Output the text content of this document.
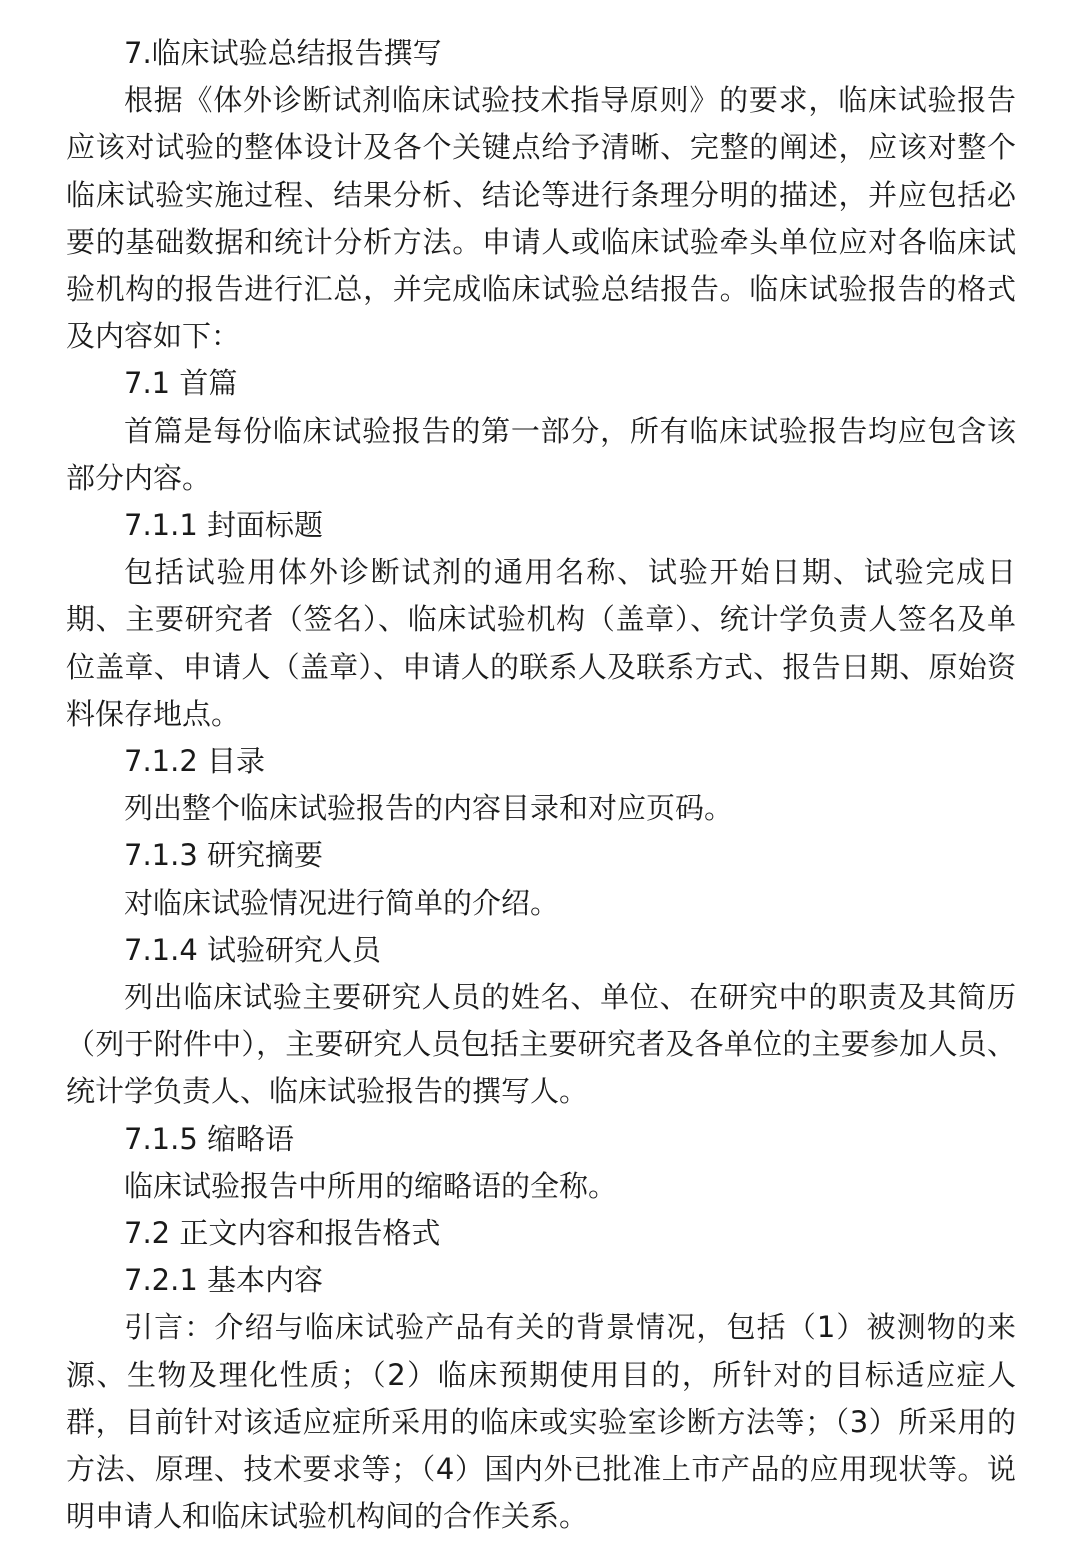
7.临床试验总结报告撰写

根据《体外诊断试剂临床试验技术指导原则》的要求，临床试验报告应该对试验的整体设计及各个关键点给予清晰、完整的阐述，应该对整个临床试验实施过程、结果分析、结论等进行条理分明的描述，并应包括必要的基础数据和统计分析方法。申请人或临床试验牵头单位应对各临床试验机构的报告进行汇总，并完成临床试验总结报告。临床试验报告的格式及内容如下：

7.1 首篇

首篇是每份临床试验报告的第一部分，所有临床试验报告均应包含该部分内容。

7.1.1 封面标题

包括试验用体外诊断试剂的通用名称、试验开始日期、试验完成日期、主要研究者（签名）、临床试验机构（盖章）、统计学负责人签名及单位盖章、申请人（盖章）、申请人的联系人及联系方式、报告日期、原始资料保存地点。

7.1.2 目录

列出整个临床试验报告的内容目录和对应页码。

7.1.3 研究摘要

对临床试验情况进行简单的介绍。

7.1.4 试验研究人员

列出临床试验主要研究人员的姓名、单位、在研究中的职责及其简历（列于附件中），主要研究人员包括主要研究者及各单位的主要参加人员、统计学负责人、临床试验报告的撰写人。

7.1.5 缩略语

临床试验报告中所用的缩略语的全称。

7.2 正文内容和报告格式

7.2.1 基本内容

引言：介绍与临床试验产品有关的背景情况，包括（1）被测物的来源、生物及理化性质；（2）临床预期使用目的，所针对的目标适应症人群，目前针对该适应症所采用的临床或实验室诊断方法等；（3）所采用的方法、原理、技术要求等；（4）国内外已批准上市产品的应用现状等。说明申请人和临床试验机构间的合作关系。
